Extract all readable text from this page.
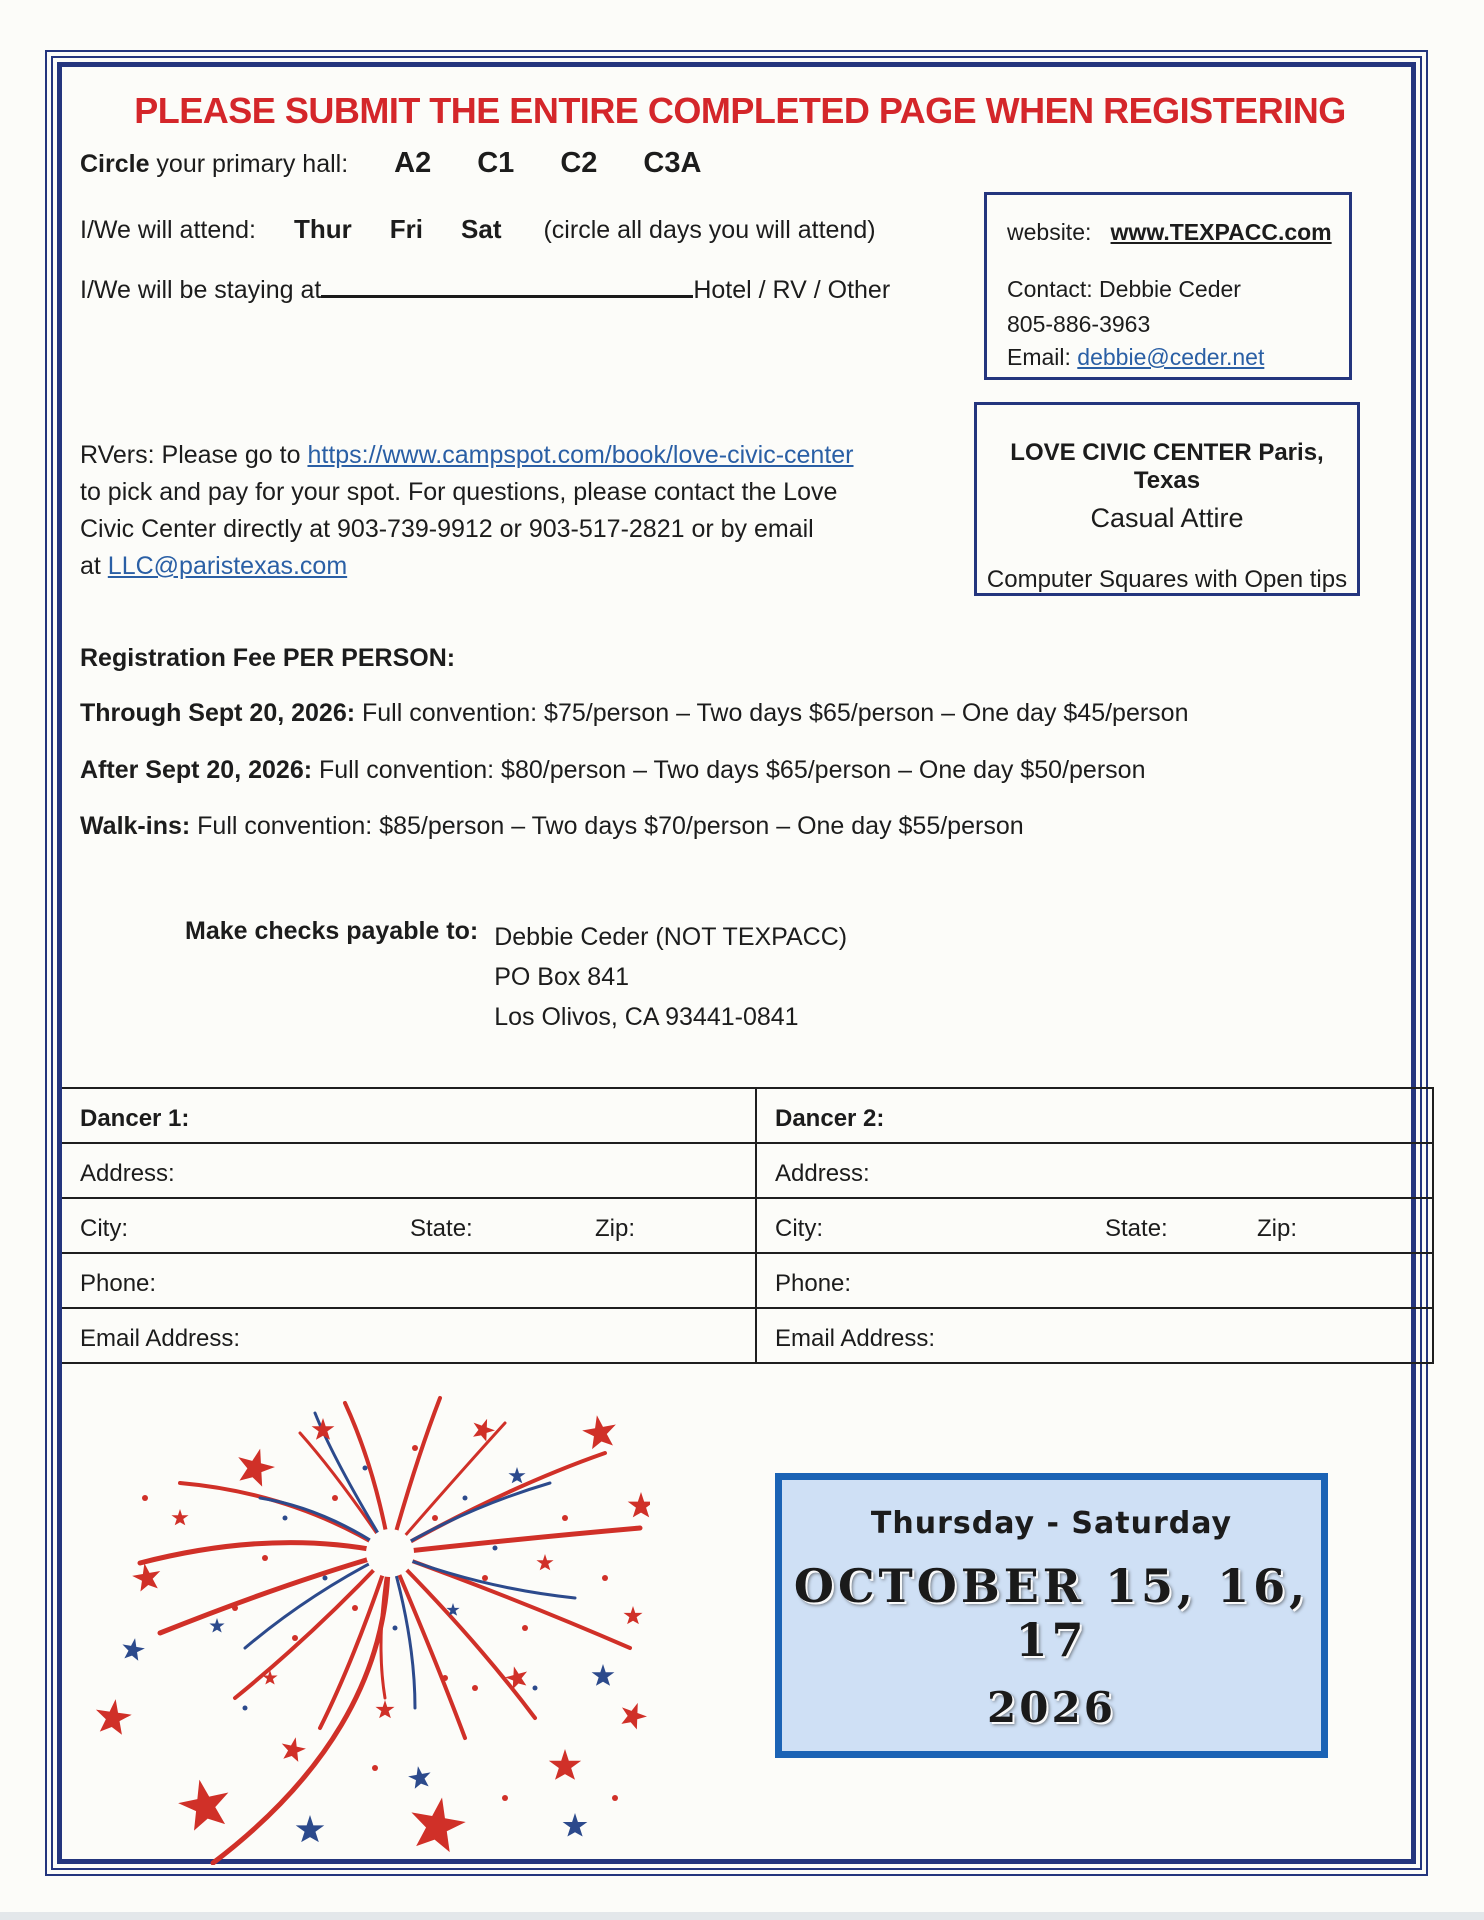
PLEASE SUBMIT THE ENTIRE COMPLETED PAGE WHEN REGISTERING
Circle your primary hall: A2 C1 C2 C3A
I/We will attend: Thur Fri Sat (circle all days you will attend)
I/We will be staying at	Hotel / RV / Other
website: www.TEXPACC.com
Contact: Debbie Ceder
805-886-3963
Email: debbie@ceder.net
LOVE CIVIC CENTER Paris, Texas
Casual Attire
Computer Squares with Open tips
RVers: Please go to https://www.campspot.com/book/love-civic-center
to pick and pay for your spot. For questions, please contact the Love
Civic Center directly at 903-739-9912 or 903-517-2821 or by email
at LLC@paristexas.com
Registration Fee PER PERSON:
Through Sept 20, 2026: Full convention: $75/person – Two days $65/person – One day $45/person
After Sept 20, 2026: Full convention: $80/person – Two days $65/person – One day $50/person
Walk-ins: Full convention: $85/person – Two days $70/person – One day $55/person
Make checks payable to: Debbie Ceder (NOT TEXPACC)
PO Box 841
Los Olivos, CA 93441-0841
Dancer 1:	Dancer 2:
Address:	Address:
City:	State:	Zip:	City:	State:	Zip:
Phone:	Phone:
Email Address:	Email Address:
Thursday - Saturday
OCTOBER 15, 16, 17
2026
